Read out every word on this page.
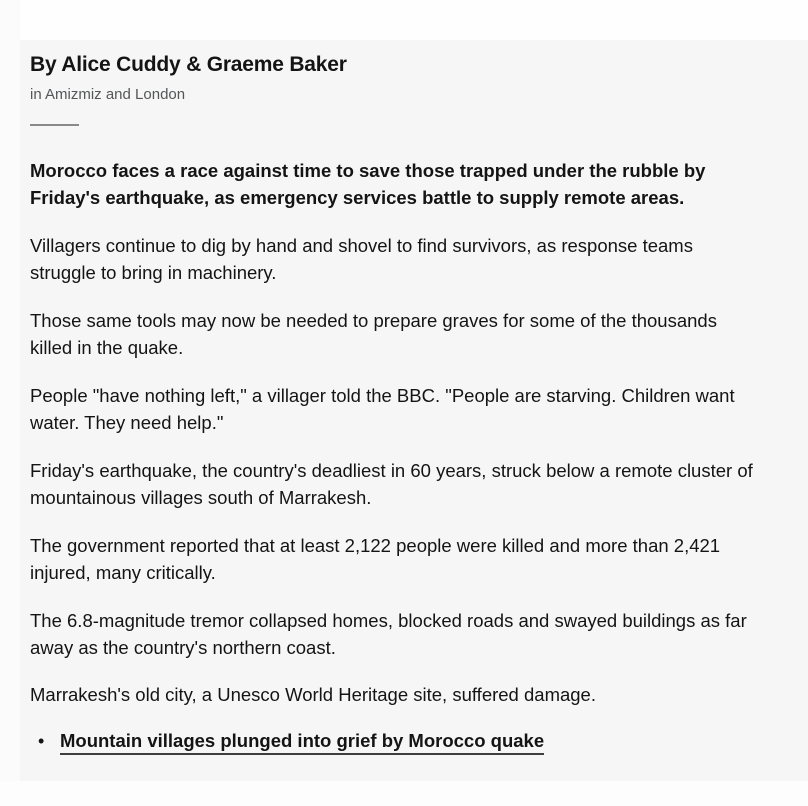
By Alice Cuddy & Graeme Baker
in Amizmiz and London

Morocco faces a race against time to save those trapped under the rubble by Friday's earthquake, as emergency services battle to supply remote areas.

Villagers continue to dig by hand and shovel to find survivors, as response teams struggle to bring in machinery.

Those same tools may now be needed to prepare graves for some of the thousands killed in the quake.

People "have nothing left," a villager told the BBC. "People are starving. Children want water. They need help."

Friday's earthquake, the country's deadliest in 60 years, struck below a remote cluster of mountainous villages south of Marrakesh.

The government reported that at least 2,122 people were killed and more than 2,421 injured, many critically.

The 6.8-magnitude tremor collapsed homes, blocked roads and swayed buildings as far away as the country's northern coast.

Marrakesh's old city, a Unesco World Heritage site, suffered damage.

• Mountain villages plunged into grief by Morocco quake
